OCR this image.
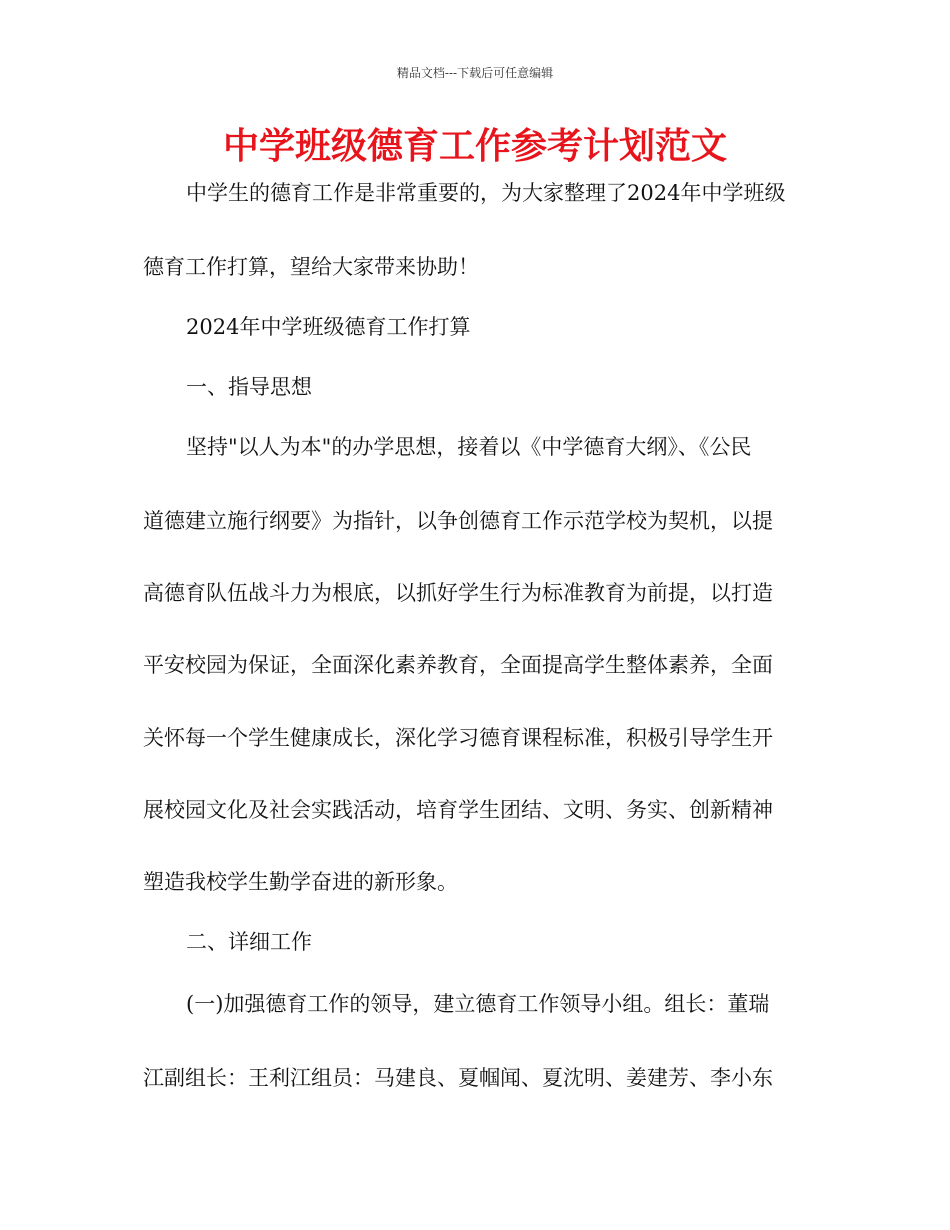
精品文档---下载后可任意编辑
中学班级德育工作参考计划范文
中学生的德育工作是非常重要的，为大家整理了2024年中学班级
德育工作打算，望给大家带来协助！
2024年中学班级德育工作打算
一、指导思想
坚持"以人为本"的办学思想，接着以《中学德育大纲》、《公民
道德建立施行纲要》为指针，以争创德育工作示范学校为契机，以提
高德育队伍战斗力为根底，以抓好学生行为标准教育为前提，以打造
平安校园为保证，全面深化素养教育，全面提高学生整体素养，全面
关怀每一个学生健康成长，深化学习德育课程标准，积极引导学生开
展校园文化及社会实践活动，培育学生团结、文明、务实、创新精神
塑造我校学生勤学奋进的新形象。
二、详细工作
(一)加强德育工作的领导，建立德育工作领导小组。组长：董瑞
江副组长：王利江组员：马建良、夏帼闻、夏沈明、姜建芳、李小东
